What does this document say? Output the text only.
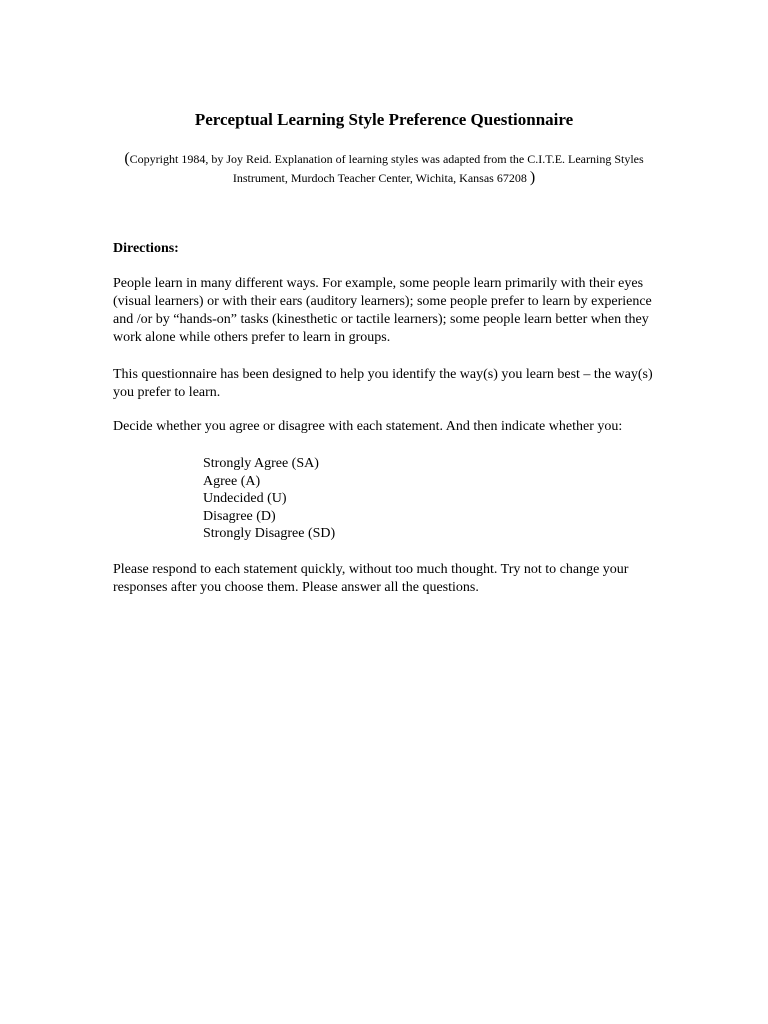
Perceptual Learning Style Preference Questionnaire

(Copyright 1984, by Joy Reid. Explanation of learning styles was adapted from the C.I.T.E. Learning Styles Instrument, Murdoch Teacher Center, Wichita, Kansas 67208 )

Directions:

People learn in many different ways. For example, some people learn primarily with their eyes (visual learners) or with their ears (auditory learners); some people prefer to learn by experience and /or by “hands-on” tasks (kinesthetic or tactile learners); some people learn better when they work alone while others prefer to learn in groups.

This questionnaire has been designed to help you identify the way(s) you learn best – the way(s) you prefer to learn.

Decide whether you agree or disagree with each statement. And then indicate whether you:

Strongly Agree (SA)
Agree (A)
Undecided (U)
Disagree (D)
Strongly Disagree (SD)

Please respond to each statement quickly, without too much thought. Try not to change your responses after you choose them. Please answer all the questions.
